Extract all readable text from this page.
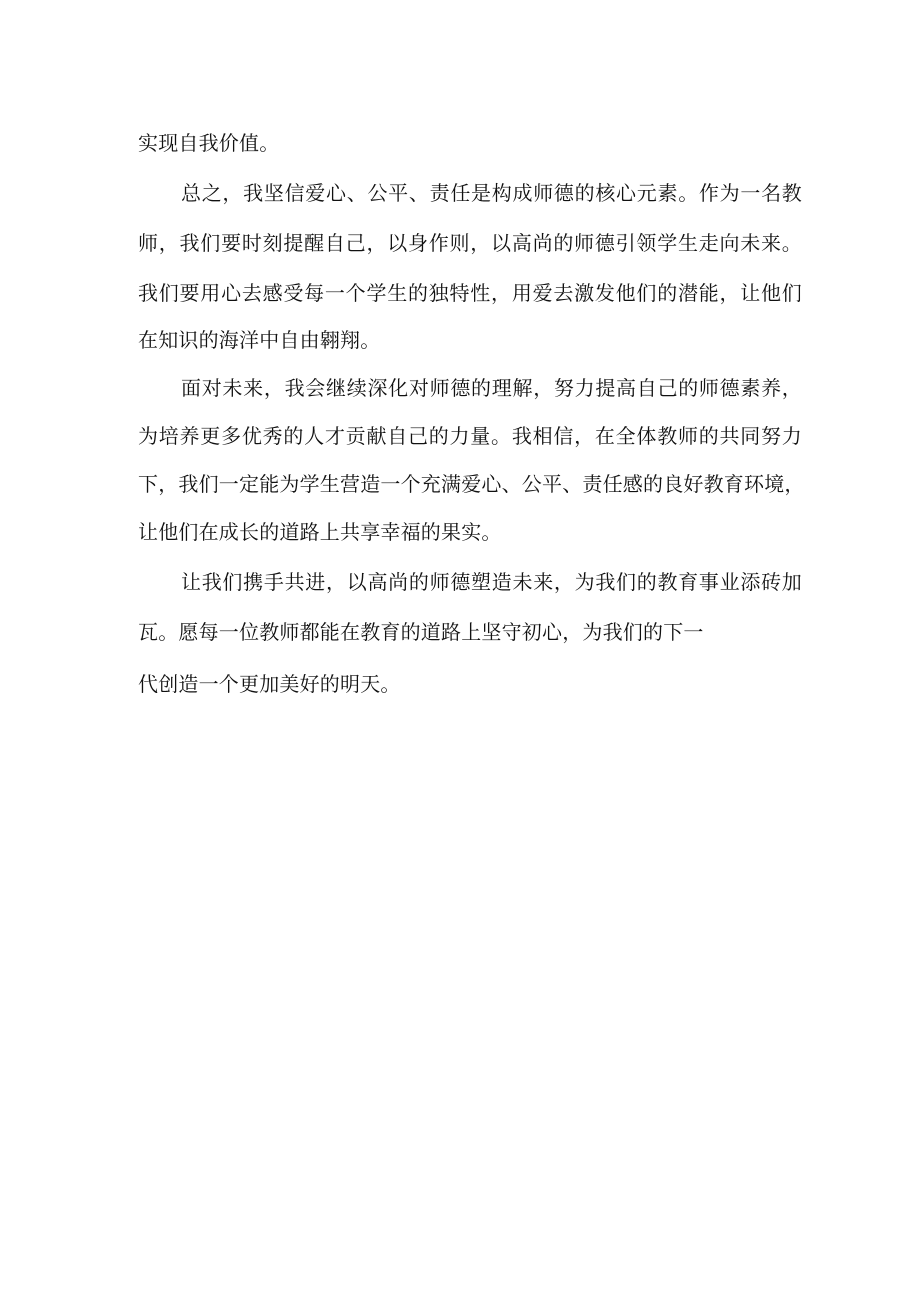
实现自我价值。
总之，我坚信爱心、公平、责任是构成师德的核心元素。作为一名教
师，我们要时刻提醒自己，以身作则，以高尚的师德引领学生走向未来。
我们要用心去感受每一个学生的独特性，用爱去激发他们的潜能，让他们
在知识的海洋中自由翱翔。
面对未来，我会继续深化对师德的理解，努力提高自己的师德素养，
为培养更多优秀的人才贡献自己的力量。我相信，在全体教师的共同努力
下，我们一定能为学生营造一个充满爱心、公平、责任感的良好教育环境，
让他们在成长的道路上共享幸福的果实。
让我们携手共进，以高尚的师德塑造未来，为我们的教育事业添砖加
瓦。愿每一位教师都能在教育的道路上坚守初心，为我们的下一
代创造一个更加美好的明天。
